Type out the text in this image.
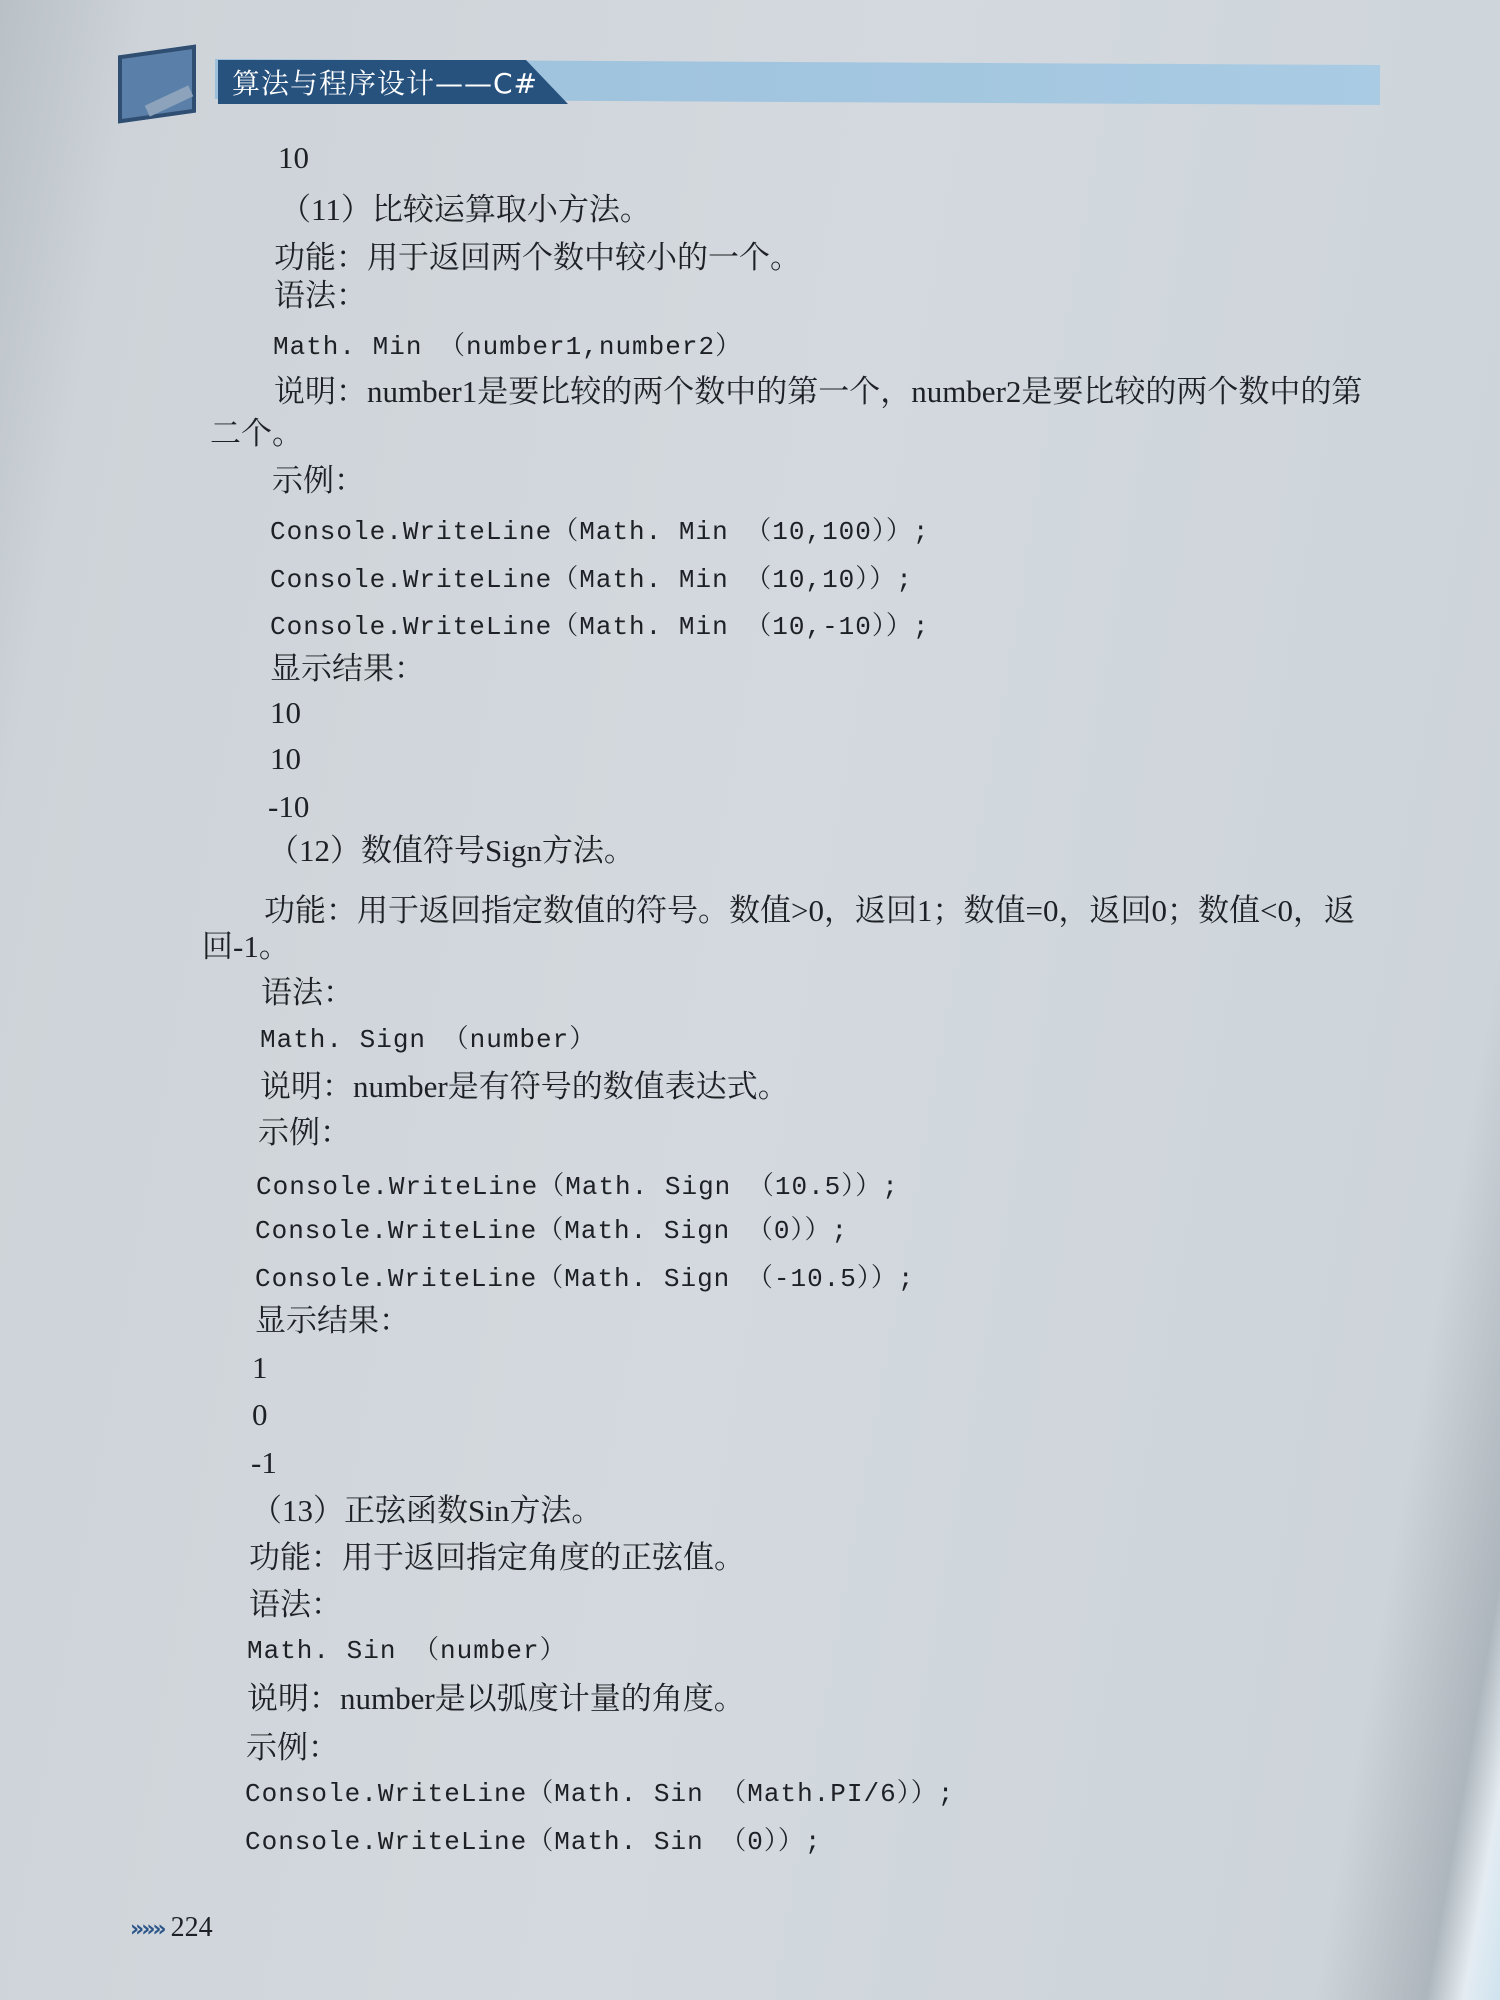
算法与程序设计——C#
10
（11）比较运算取小方法。
功能：用于返回两个数中较小的一个。
语法：
Math. Min （number1,number2）
说明：number1是要比较的两个数中的第一个，number2是要比较的两个数中的第
二个。
示例：
Console.WriteLine（Math. Min （10,100））;
Console.WriteLine（Math. Min （10,10））;
Console.WriteLine（Math. Min （10,-10））;
显示结果：
10
10
-10
（12）数值符号Sign方法。
功能：用于返回指定数值的符号。数值>0，返回1；数值=0，返回0；数值<0，返
回-1。
语法：
Math. Sign （number）
说明：number是有符号的数值表达式。
示例：
Console.WriteLine（Math. Sign （10.5））;
Console.WriteLine（Math. Sign （0））;
Console.WriteLine（Math. Sign （-10.5））;
显示结果：
1
0
-1
（13）正弦函数Sin方法。
功能：用于返回指定角度的正弦值。
语法：
Math. Sin （number）
说明：number是以弧度计量的角度。
示例：
Console.WriteLine（Math. Sin （Math.PI/6））;
Console.WriteLine（Math. Sin （0））;
»»» 224
